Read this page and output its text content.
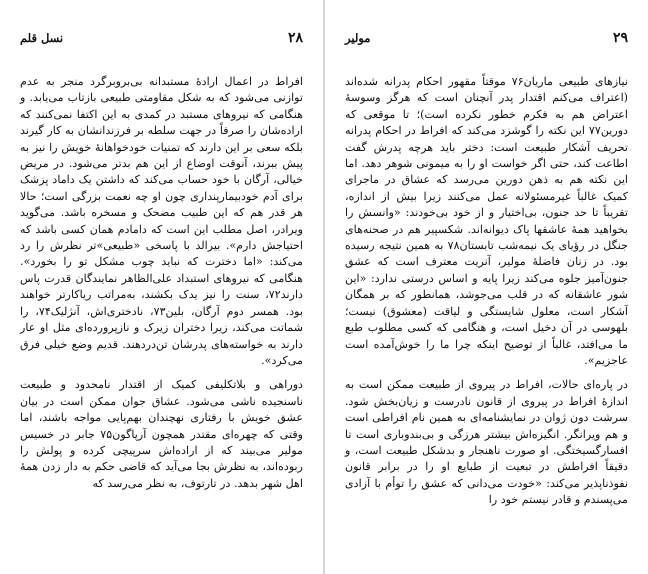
۲۸
نسل قلم

افراط در اعمال ارادهٔ مستبدانه بی‌برو‌برگرد منجر به عدم توازنی می‌شود که به شکل مقاومتی طبیعی بازتاب می‌یابد. و هنگامی که نیروهای مستبد در کمدی به این اکتفا نمی‌کنند که اراده‌شان را صرفاً در جهت سلطه بر فرزندانشان به کار گیرند بلکه سعی بر این دارند که تمنیات خودخواهانهٔ خویش را نیز به پیش ببرند، آنوقت اوضاع از این هم بدتر می‌شود. در مریض خیالی، آرگان با خود حساب می‌کند که داشتن یک داماد پزشک برای آدم خودبیمارپنداری چون او چه نعمت بزرگی است؛ حالا هر قدر هم که این طبیب مضحک و مسخره باشد. می‌گوید ویرادر، اصل مطلب این است که دامادم همان کسی باشد که احتیاجش دارم». بیرالد با پاسخی «طبیعی»تر نظرش را رد می‌کند: «اما دخترت که نباید چوب مشکل تو را بخورد». هنگامی که نیروهای استبداد علی‌الظاهر نمایندگان قدرت پاس دارند۷۲، سنت را نیز یدک بکشند، به‌مراتب ریاکارتر خواهند بود. همسر دوم آرگان، بلین۷۳، نادختری‌اش، آنژلیک۷۴، را شماتت می‌کند، زیرا دختران زیرک و نازپرورده‌ای مثل او عار دارند به خواسته‌های پدرشان تن‌دردهند. قدیم وضع خیلی فرق می‌کرد».

دوراهی و بلاتکلیفی کمیک از اقتدار نامحدود و طبیعت ناسنجیده ناشی می‌شود. عشاق جوان ممکن است در بیان عشق خویش با رفتاری نهچندان بهم‌پایی مواجه باشند، اما وقتی که چهره‌ای مقتدر همچون آرپاگون۷۵ جابر در خسیس مولیر می‌بیند که از اراده‌اش سرپیچی کرده و پولش را ربوده‌اند، به نظرش بجا می‌آید که قاضی حکم به دار زدن همهٔ اهل شهر بدهد. در تارتوف، به نظر می‌رسد که

۲۹
مولیر

نیازهای طبیعی ماریان۷۶ موقتاً مقهور احکام پدرانه شده‌اند (اعتراف می‌کنم اقتدار پدر آنچنان است که هرگز وسوسهٔ اعتراض هم به فکرم خطور نکرده است)؛ تا موقعی که دورین۷۷ این نکته را گوشزد می‌کند که افراط در احکام پدرانه تحریف آشکار طبیعت است: دختر باید هرچه پدرش گفت اطاعت کند، حتی اگر خواست او را به میمونی شوهر دهد. اما این نکته هم به ذهن دورین می‌رسد که عشاق در ماجرای کمیک غالباً غیرمسئولانه عمل می‌کنند زیرا بیش از اندازه، تقریباً تا حد جنون، بی‌اختیار و از خود بی‌خودند: «وانسش را بخواهید همهٔ عاشقها پاک دیوانه‌اند. شکسپیر هم در صحنه‌های جنگل در رؤیای یک نیمه‌شب تابستان۷۸ به همین نتیجه رسیده بود. در زنان فاضلهٔ مولیر، آنریت معترف است که عشق جنون‌آمیز جلوه می‌کند زیرا پایه و اساس درستی ندارد: «این شور عاشقانه که در قلب می‌جوشد، همانطور که بر همگان آشکار است، معلول شایستگی و لیاقت (معشوق) نیست؛ بلهوسی در آن دخیل است، و هنگامی که کسی مطلوب طبع ما می‌افتد، غالباً از توضیح اینکه چرا ما را خوش‌آمده است عاجزیم».

در پاره‌ای حالات، افراط در پیروی از طبیعت ممکن است به اندازهٔ افراط در پیروی از قانون نادرست و زیان‌بخش شود. سرشت دون ژوان در نمایشنامه‌ای به همین نام افراطی است و هم ویرانگر. انگیزه‌اش بیشتر هرزگی و بی‌بندوباری است تا افسار‌گسیختگی. او صورت ناهنجار و بدشکل طبیعت است، و دقیقاً افراطش در تبعیت از طبایع او را در برابر قانون نفوذناپذیر می‌کند: «خودت می‌دانی که عشق را توأم با آزادی می‌پسندم و قادر نیستم خود را
